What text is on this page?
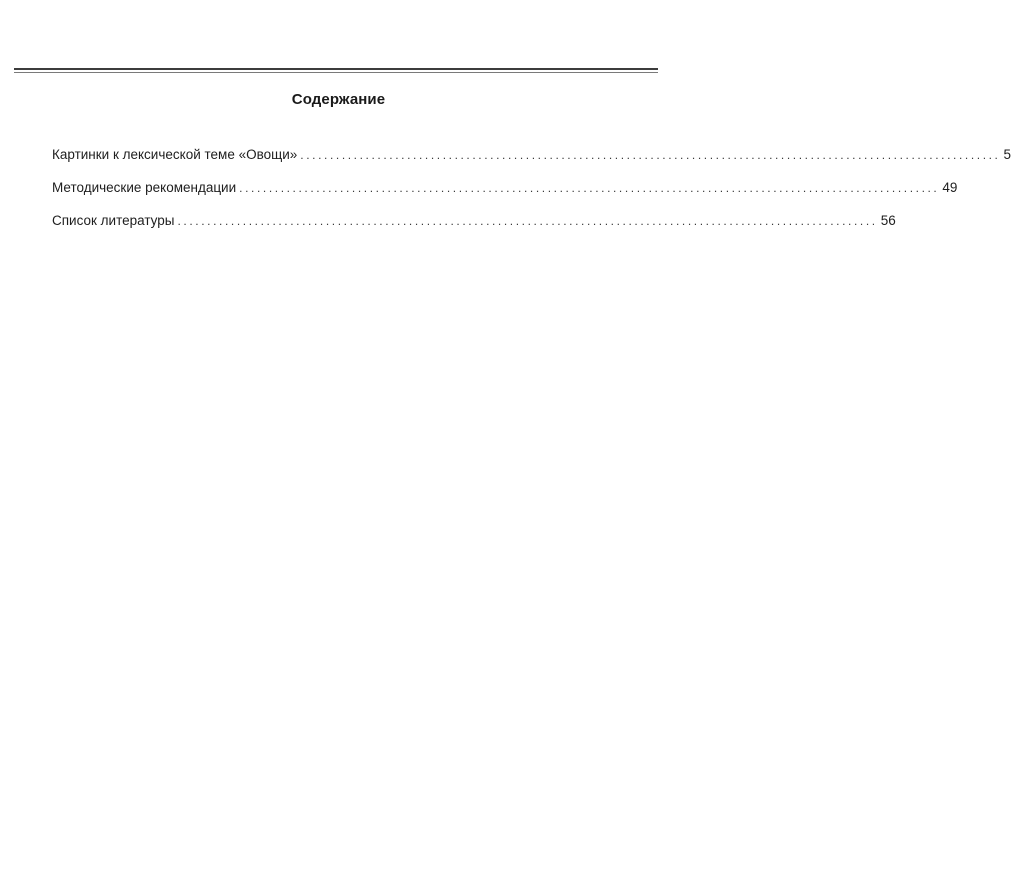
Содержание
Картинки к лексической теме «Овощи» ...................................................................................................................... 5
Методические рекомендации ...................................................................................................................... 49
Список литературы ...................................................................................................................... 56
